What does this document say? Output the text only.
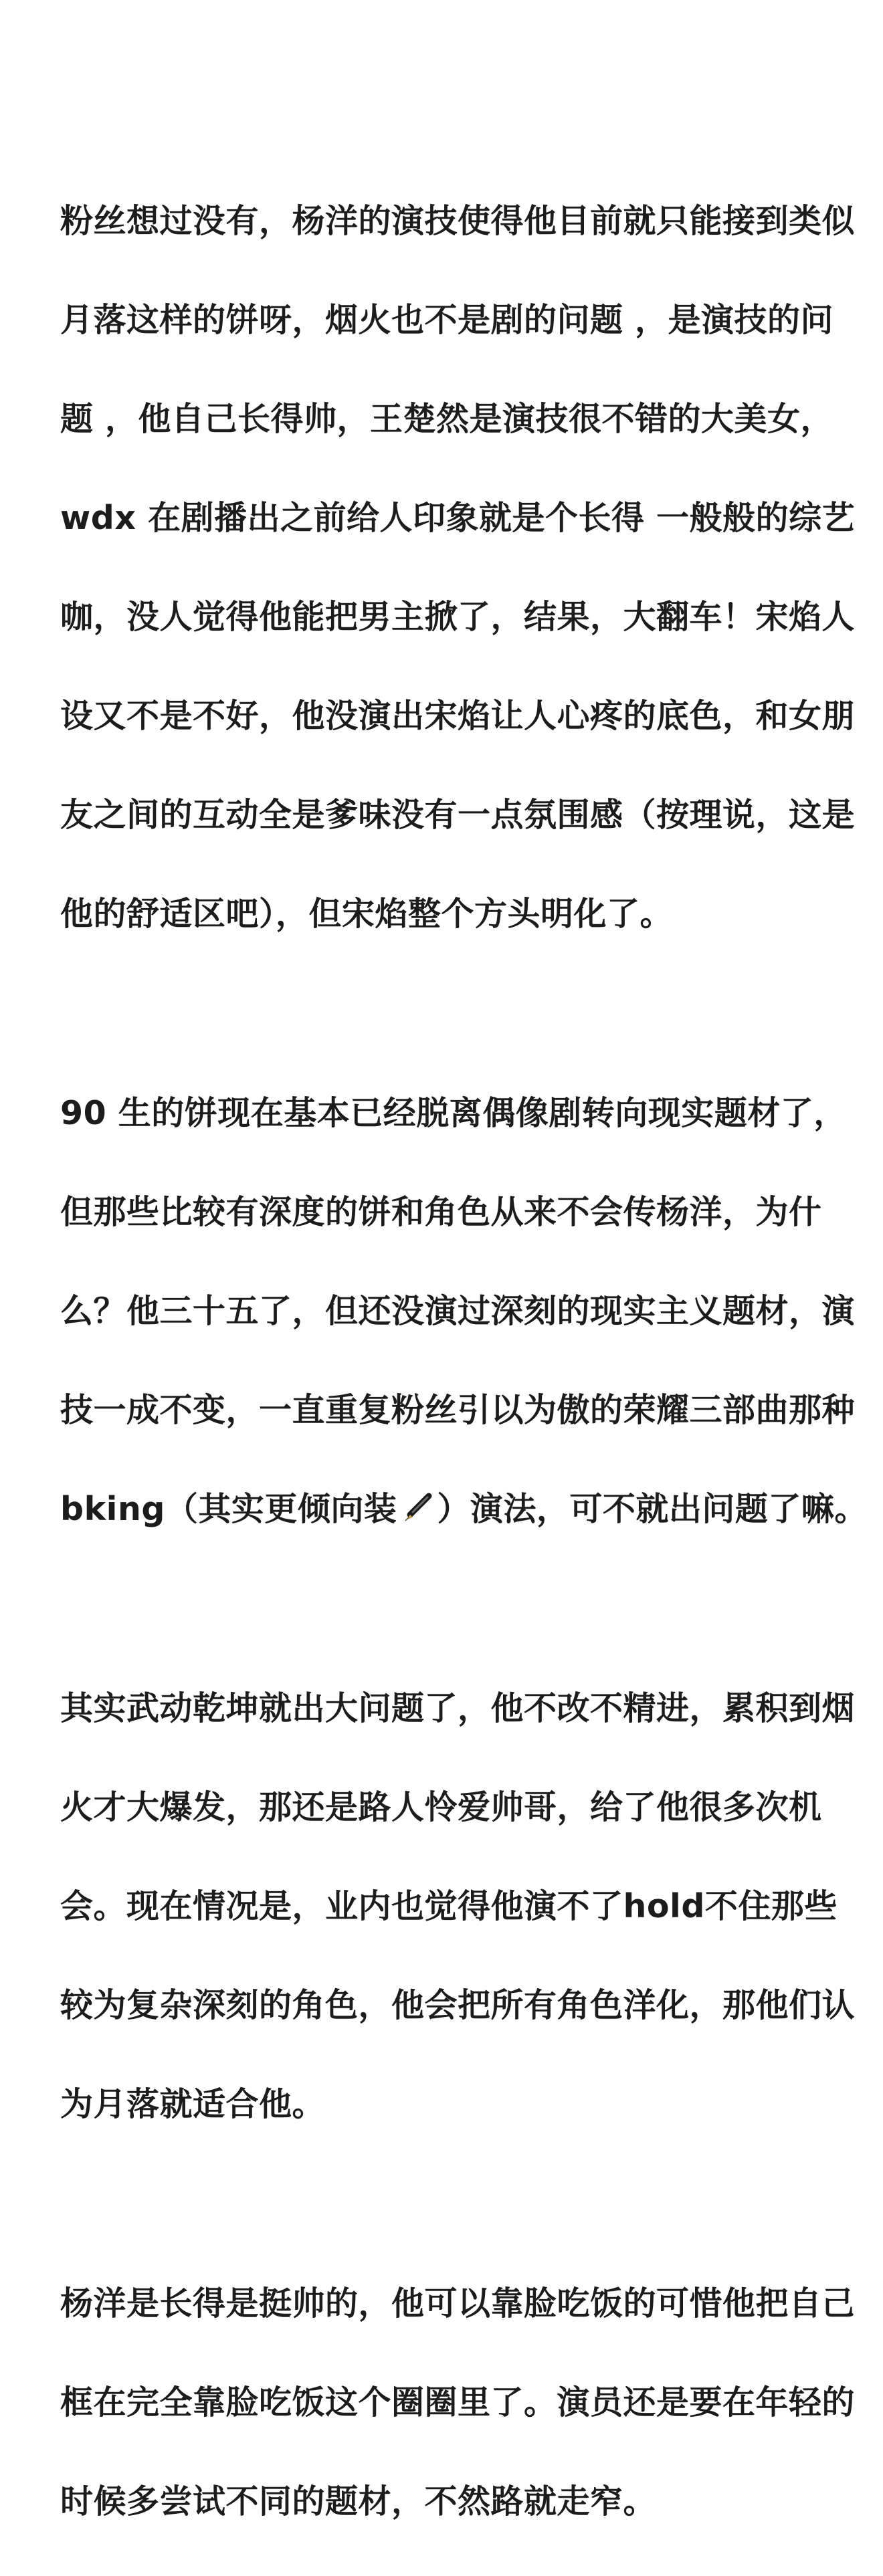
粉丝想过没有，杨洋的演技使得他目前就只能接到类似

月落这样的饼呀，烟火也不是剧的问题 ，是演技的问

题 ，他自己长得帅，王楚然是演技很不错的大美女，

wdx 在剧播出之前给人印象就是个长得 一般般的综艺

咖，没人觉得他能把男主掀了，结果，大翻车！宋焰人

设又不是不好，他没演出宋焰让人心疼的底色，和女朋

友之间的互动全是爹味没有一点氛围感（按理说，这是

他的舒适区吧），但宋焰整个方头明化了。

90 生的饼现在基本已经脱离偶像剧转向现实题材了，

但那些比较有深度的饼和角色从来不会传杨洋，为什

么？他三十五了，但还没演过深刻的现实主义题材，演

技一成不变，一直重复粉丝引以为傲的荣耀三部曲那种

bking（其实更倾向装 ）演法，可不就出问题了嘛。

其实武动乾坤就出大问题了，他不改不精进，累积到烟

火才大爆发，那还是路人怜爱帅哥，给了他很多次机

会。现在情况是，业内也觉得他演不了hold不住那些

较为复杂深刻的角色，他会把所有角色洋化，那他们认

为月落就适合他。

杨洋是长得是挺帅的，他可以靠脸吃饭的可惜他把自己

框在完全靠脸吃饭这个圈圈里了。演员还是要在年轻的

时候多尝试不同的题材，不然路就走窄。
